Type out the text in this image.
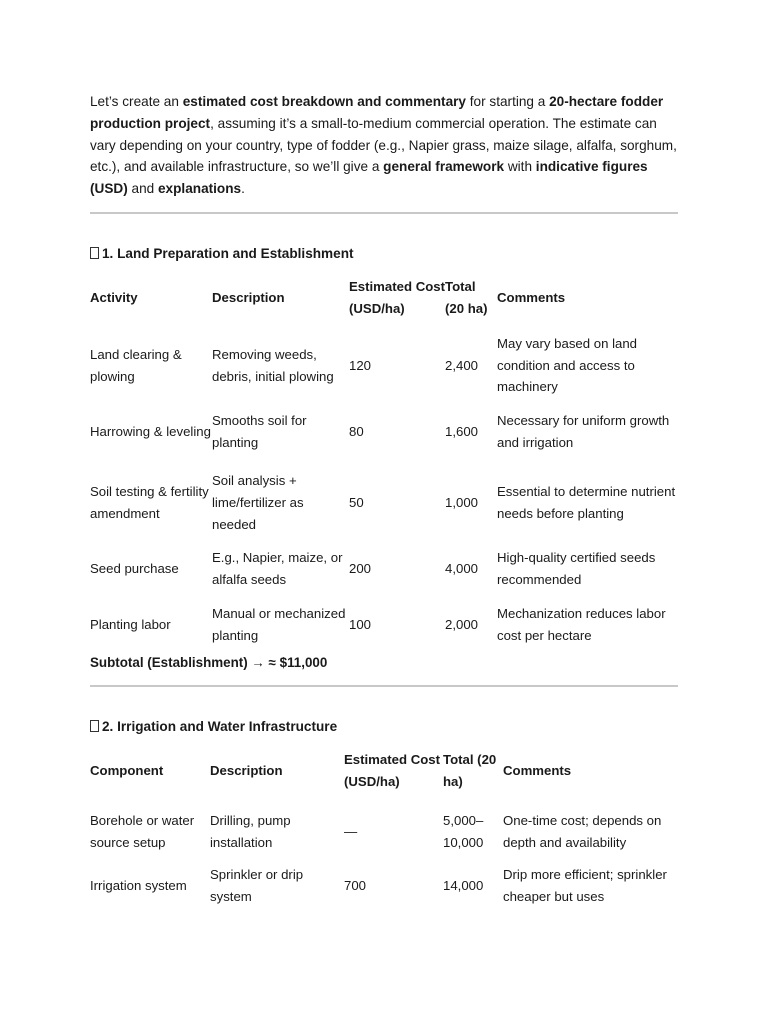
Let’s create an estimated cost breakdown and commentary for starting a 20-hectare fodder production project, assuming it’s a small-to-medium commercial operation. The estimate can vary depending on your country, type of fodder (e.g., Napier grass, maize silage, alfalfa, sorghum, etc.), and available infrastructure, so we’ll give a general framework with indicative figures (USD) and explanations.
1. Land Preparation and Establishment
Activity	Description	Estimated Cost (USD/ha)	Total (20 ha)	Comments

Land clearing & plowing	Removing weeds, debris, initial plowing	120	2,400	May vary based on land condition and access to machinery
Harrowing & leveling	Smooths soil for planting	80	1,600	Necessary for uniform growth and irrigation
Soil testing & fertility amendment	Soil analysis + lime/fertilizer as needed	50	1,000	Essential to determine nutrient needs before planting
Seed purchase	E.g., Napier, maize, or alfalfa seeds	200	4,000	High-quality certified seeds recommended
Planting labor	Manual or mechanized planting	100	2,000	Mechanization reduces labor cost per hectare
Subtotal (Establishment) → ≈ $11,000
2. Irrigation and Water Infrastructure
Component	Description	Estimated Cost (USD/ha)	Total (20 ha)	Comments

Borehole or water source setup	Drilling, pump installation	—	5,000–10,000	One-time cost; depends on depth and availability
Irrigation system	Sprinkler or drip system	700	14,000	Drip more efficient; sprinkler cheaper but uses
